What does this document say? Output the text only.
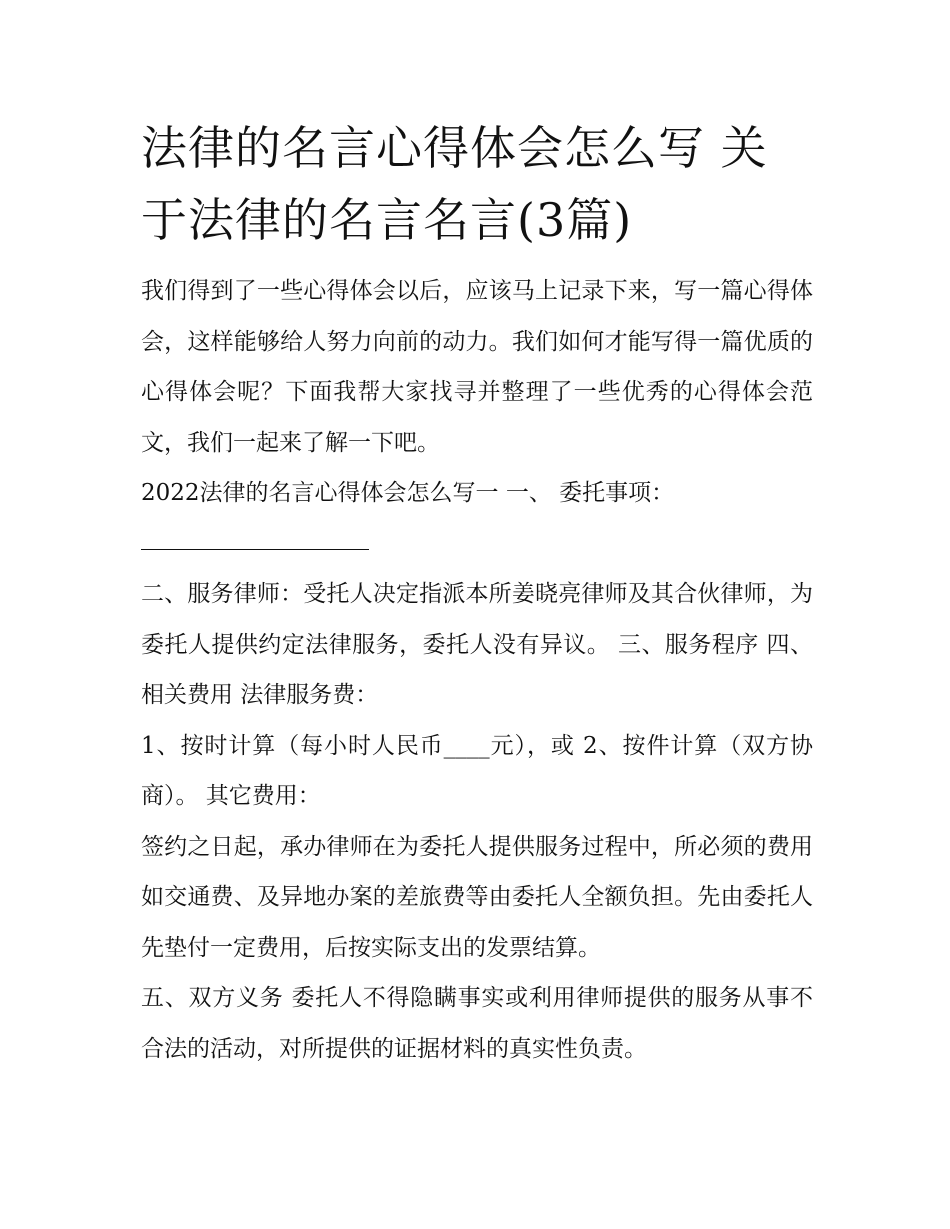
法律的名言心得体会怎么写 关于法律的名言名言(3篇)

我们得到了一些心得体会以后，应该马上记录下来，写一篇心得体会，这样能够给人努力向前的动力。我们如何才能写得一篇优质的心得体会呢？下面我帮大家找寻并整理了一些优秀的心得体会范文，我们一起来了解一下吧。

2022法律的名言心得体会怎么写一 一、 委托事项：

二、服务律师：受托人决定指派本所姜晓亮律师及其合伙律师，为委托人提供约定法律服务，委托人没有异议。 三、服务程序 四、相关费用 法律服务费：

1、按时计算（每小时人民币____元），或 2、按件计算（双方协商）。 其它费用：

签约之日起，承办律师在为委托人提供服务过程中，所必须的费用如交通费、及异地办案的差旅费等由委托人全额负担。先由委托人先垫付一定费用，后按实际支出的发票结算。

五、双方义务 委托人不得隐瞒事实或利用律师提供的服务从事不合法的活动，对所提供的证据材料的真实性负责。
